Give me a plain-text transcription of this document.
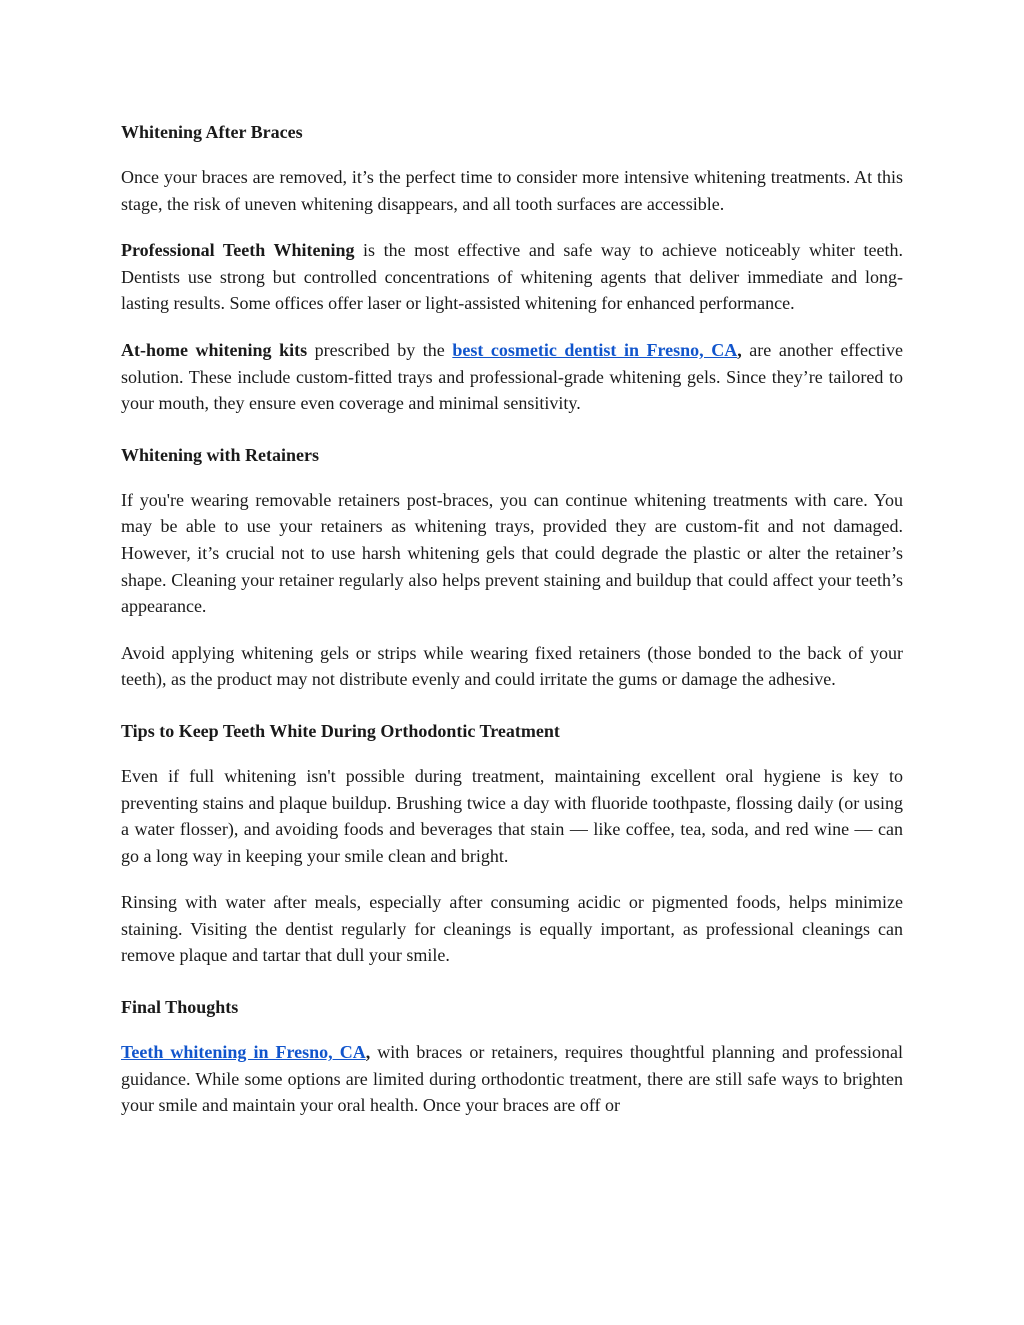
Whitening After Braces

Once your braces are removed, it’s the perfect time to consider more intensive whitening treatments. At this stage, the risk of uneven whitening disappears, and all tooth surfaces are accessible.

Professional Teeth Whitening is the most effective and safe way to achieve noticeably whiter teeth. Dentists use strong but controlled concentrations of whitening agents that deliver immediate and long-lasting results. Some offices offer laser or light-assisted whitening for enhanced performance.

At-home whitening kits prescribed by the best cosmetic dentist in Fresno, CA, are another effective solution. These include custom-fitted trays and professional-grade whitening gels. Since they’re tailored to your mouth, they ensure even coverage and minimal sensitivity.

Whitening with Retainers

If you're wearing removable retainers post-braces, you can continue whitening treatments with care. You may be able to use your retainers as whitening trays, provided they are custom-fit and not damaged. However, it’s crucial not to use harsh whitening gels that could degrade the plastic or alter the retainer’s shape. Cleaning your retainer regularly also helps prevent staining and buildup that could affect your teeth’s appearance.

Avoid applying whitening gels or strips while wearing fixed retainers (those bonded to the back of your teeth), as the product may not distribute evenly and could irritate the gums or damage the adhesive.

Tips to Keep Teeth White During Orthodontic Treatment

Even if full whitening isn't possible during treatment, maintaining excellent oral hygiene is key to preventing stains and plaque buildup. Brushing twice a day with fluoride toothpaste, flossing daily (or using a water flosser), and avoiding foods and beverages that stain — like coffee, tea, soda, and red wine — can go a long way in keeping your smile clean and bright.

Rinsing with water after meals, especially after consuming acidic or pigmented foods, helps minimize staining. Visiting the dentist regularly for cleanings is equally important, as professional cleanings can remove plaque and tartar that dull your smile.

Final Thoughts

Teeth whitening in Fresno, CA, with braces or retainers, requires thoughtful planning and professional guidance. While some options are limited during orthodontic treatment, there are still safe ways to brighten your smile and maintain your oral health. Once your braces are off or
